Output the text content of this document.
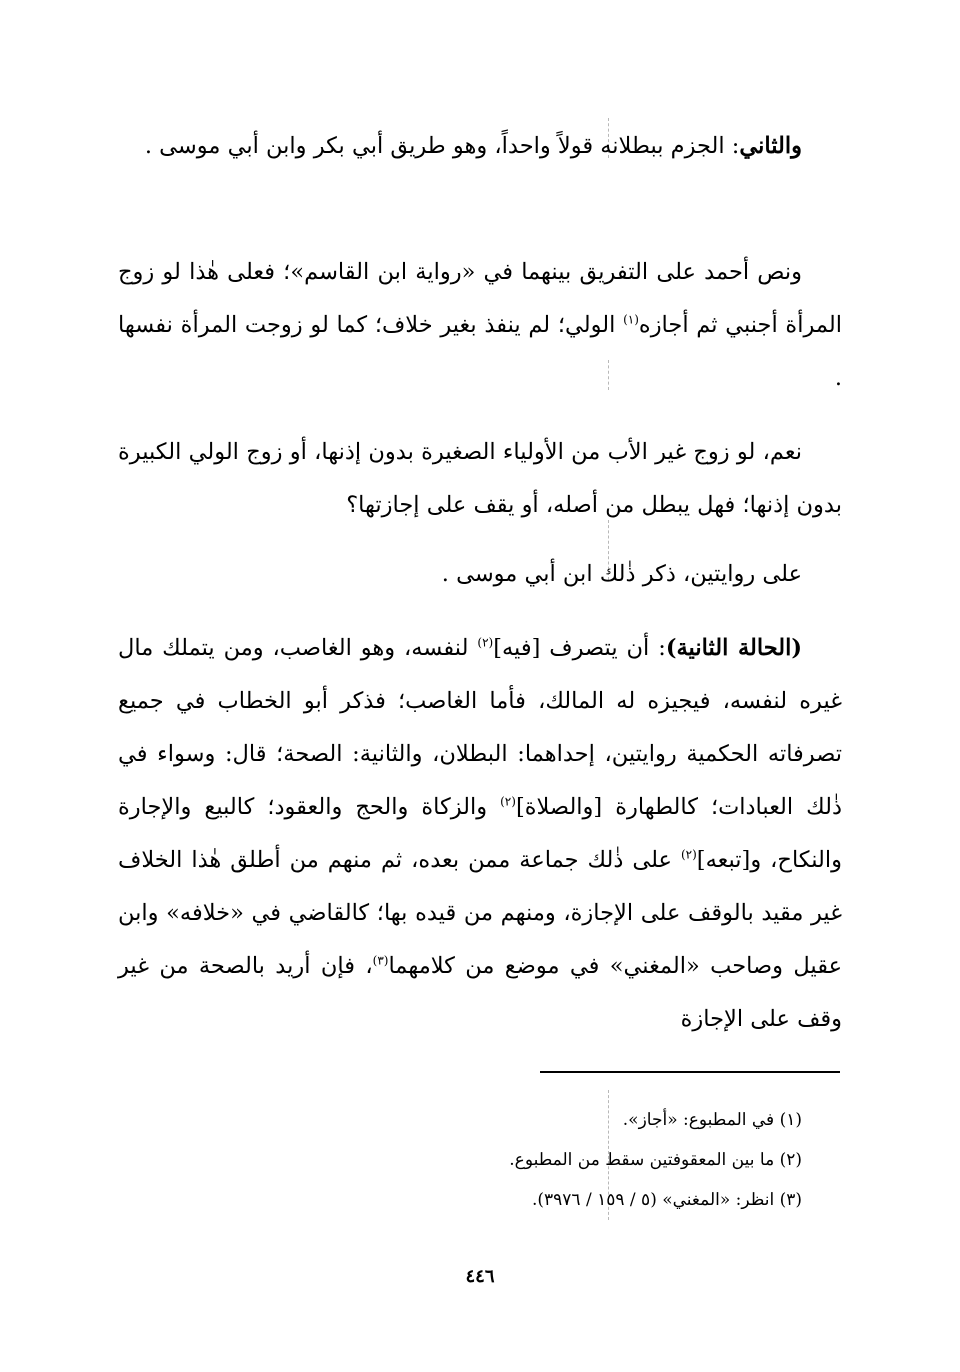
والثاني: الجزم ببطلانه قولاً واحداً، وهو طريق أبي بكر وابن أبي موسى .

ونص أحمد على التفريق بينهما في «رواية ابن القاسم»؛ فعلى هٰذا لو زوج المرأة أجنبي ثم أجازه$^{(١)}$ الولي؛ لم ينفذ بغير خلاف؛ كما لو زوجت المرأة نفسها .

نعم، لو زوج غير الأب من الأولياء الصغيرة بدون إذنها، أو زوج الولي الكبيرة بدون إذنها؛ فهل يبطل من أصله، أو يقف على إجازتها؟

على روايتين، ذكر ذٰلك ابن أبي موسى .

(الحالة الثانية): أن يتصرف [فيه]$^{(٢)}$ لنفسه، وهو الغاصب، ومن يتملك مال غيره لنفسه، فيجيزه له المالك، فأما الغاصب؛ فذكر أبو الخطاب في جميع تصرفاته الحكمية روايتين، إحداهما: البطلان، والثانية: الصحة؛ قال: وسواء في ذٰلك العبادات؛ كالطهارة [والصلاة]$^{(٢)}$ والزكاة والحج والعقود؛ كالبيع والإجارة والنكاح، و[تبعه]$^{(٢)}$ على ذٰلك جماعة ممن بعده، ثم منهم من أطلق هٰذا الخلاف غير مقيد بالوقف على الإجازة، ومنهم من قيده بها؛ كالقاضي في «خلافه» وابن عقيل وصاحب «المغني» في موضع من كلامهما$^{(٣)}$، فإن أريد بالصحة من غير وقف على الإجازة

(١) في المطبوع: «أجاز».

(٢) ما بين المعقوفتين سقط من المطبوع.

(٣) انظر: «المغني» (٥ / ١٥٩ / ٣٩٧٦).

٤٤٦
